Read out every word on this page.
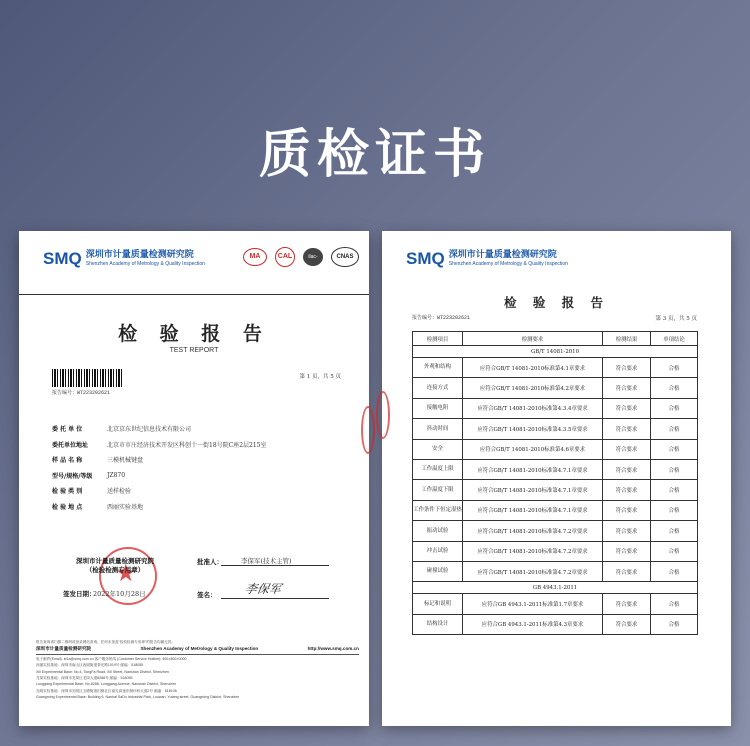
质检证书
SMQ 深圳市计量质量检测研究院
Shenzhen Academy of Metrology & Quality Inspection
MA	CAL	ilac-MRA
CNAS
检 验 报 告
TEST REPORT
报告编号：WT223202621
第 1 页，共 5 页
委 托 单 位	北京京东世纪信息技术有限公司
委托单位地址	北京市市庄经济技术开发区科创十一街18号院C座2层215室
样 品 名 称	三模机械键盘
型号/规格/等级	JZ870
检 验 类 别	送样检验
检 验 地 点	西丽实验基地
★
深圳市计量质量检测研究院
（检验检测专用章）
签发日期：
2022年10月28日
批准人：	李保军(技术主管)
签名： 李保军
报告查询请扫描二维码或登录网站查询，任何未加盖“检验检测专用章”的报告均属无效。
深圳市计量质量检测研究院	Shenzhen Academy of Metrology & Quality Inspection	http://www.smq.com.cn
电子邮件(Email): kf1a@smq.com.cn 客户服务热线 (Customer Service Hotline): 400×800×0000
西丽实验基地：深圳市南山区西丽街道茶光路1019号 邮编：518055
Xili Experimental Base: No.4, TongFa Road, Xili Street, Nanshan District, Shenzhen
龙岗实验基地：深圳市龙岗区龙岗大道8288号 邮编：518055
Longgang Experimental Base: No.8288, Longgang Avenue, Nanshan District, Shenzhen
光明实验基地：深圳市光明区玉塘街道田寮社区南光高速东侧环科大道2号 邮编：518106
Guangming Experimental Base: Building 6, Nanhai SaDu Industrial Park, Louwan, Yutang street, Guangming District, Shenzhen
SMQ 深圳市计量质量检测研究院
Shenzhen Academy of Metrology & Quality Inspection
检 验 报 告
报告编号：WT223202621	第 3 页，共 5 页
检测项目	检测要求	检测结果	单项结论
GB/T 14081-2010			
外观和结构	应符合GB/T 14081-2010标准第4.1章要求	符合要求	合格
连接方式	应符合GB/T 14081-2010标准第4.2章要求	符合要求	合格
接触电阻	应符合GB/T 14081-2010标准第4.3.4章要求	符合要求	合格
抖动时间	应符合GB/T 14081-2010标准第4.3.5章要求	符合要求	合格
安全	应符合GB/T 14081-2010标准第4.6章要求	符合要求	合格
工作温度上限	应符合GB/T 14081-2010标准第4.7.1章要求	符合要求	合格
工作温度下限	应符合GB/T 14081-2010标准第4.7.1章要求	符合要求	合格
工作条件下恒定湿热	应符合GB/T 14081-2010标准第4.7.1章要求	符合要求	合格
振动试验	应符合GB/T 14081-2010标准第4.7.2章要求	符合要求	合格
冲击试验	应符合GB/T 14081-2010标准第4.7.2章要求	符合要求	合格
碰撞试验	应符合GB/T 14081-2010标准第4.7.2章要求	符合要求	合格
GB 4943.1-2011			
标记和说明	应符合GB 4943.1-2011标准第1.7章要求	符合要求	合格
结构设计	应符合GB 4943.1-2011标准第4.3章要求	符合要求	合格
